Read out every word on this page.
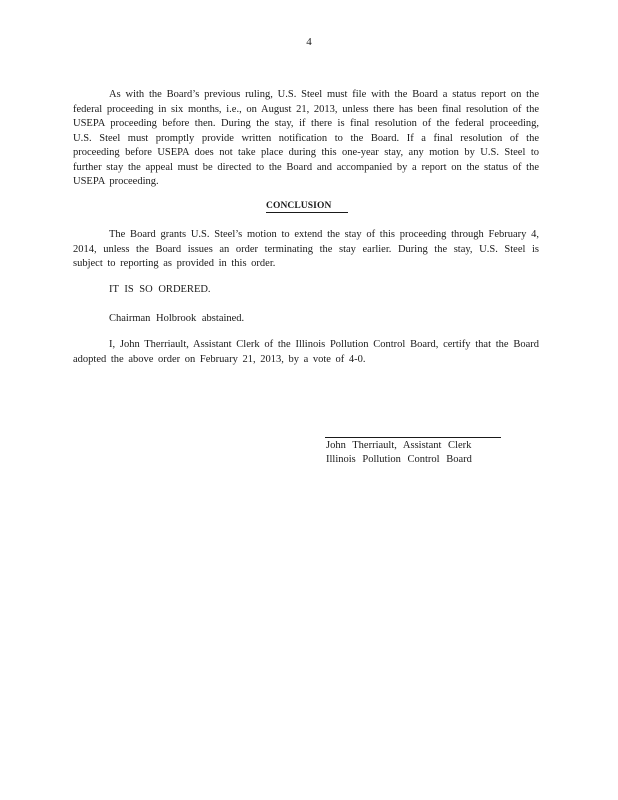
4

As with the Board’s previous ruling, U.S. Steel must file with the Board a status report on the federal proceeding in six months, i.e., on August 21, 2013, unless there has been final resolution of the USEPA proceeding before then. During the stay, if there is final resolution of the federal proceeding, U.S. Steel must promptly provide written notification to the Board. If a final resolution of the proceeding before USEPA does not take place during this one-year stay, any motion by U.S. Steel to further stay the appeal must be directed to the Board and accompanied by a report on the status of the USEPA proceeding.

CONCLUSION

The Board grants U.S. Steel’s motion to extend the stay of this proceeding through February 4, 2014, unless the Board issues an order terminating the stay earlier. During the stay, U.S. Steel is subject to reporting as provided in this order.

IT IS SO ORDERED.
Chairman Holbrook abstained.

I, John Therriault, Assistant Clerk of the Illinois Pollution Control Board, certify that the Board adopted the above order on February 21, 2013, by a vote of 4-0.

John Therriault, Assistant Clerk
Illinois Pollution Control Board
